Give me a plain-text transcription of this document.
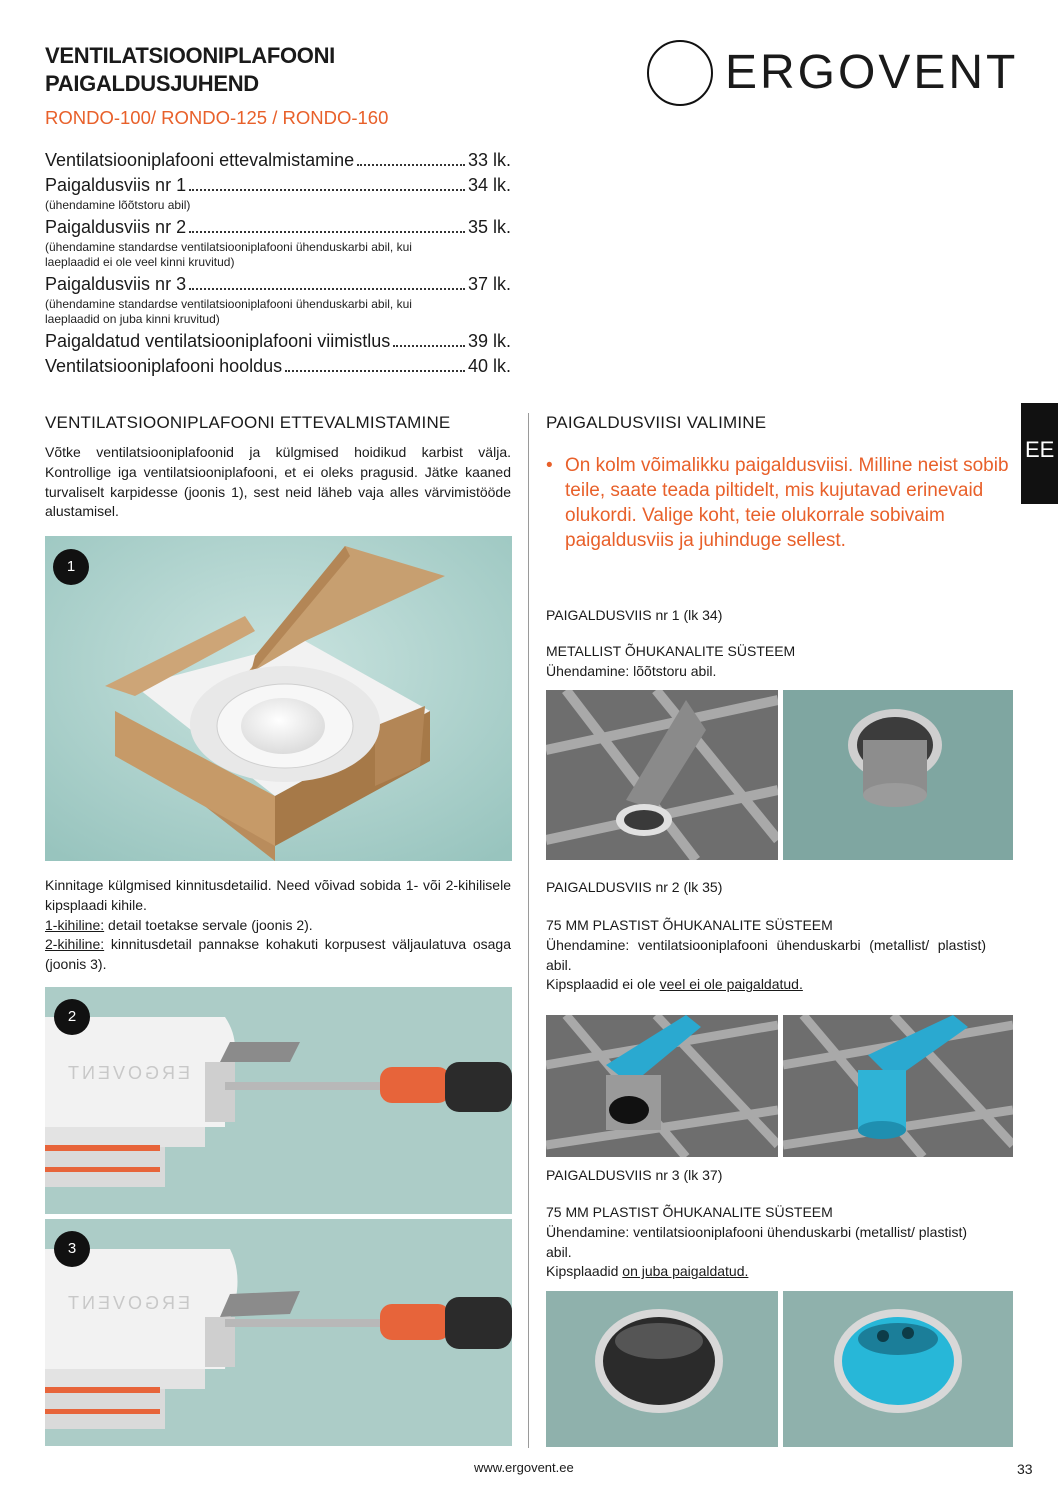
VENTILATSIOONIPLAFOONI
PAIGALDUSJUHEND
RONDO-100/ RONDO-125 / RONDO-160
ERGOVENT
Ventilatsiooniplafooni ettevalmistamine	33 lk.
Paigaldusviis nr 1	34 lk.
(ühendamine lõõtstoru abil)
Paigaldusviis nr 2	35 lk.
(ühendamine standardse ventilatsiooniplafooni ühenduskarbi abil, kui laeplaadid ei ole veel kinni kruvitud)
Paigaldusviis nr 3	37 lk.
(ühendamine standardse ventilatsiooniplafooni ühenduskarbi abil, kui laeplaadid on juba kinni kruvitud)
Paigaldatud ventilatsiooniplafooni viimistlus	39 lk.
Ventilatsiooniplafooni hooldus	40 lk.
EE
VENTILATSIOONIPLAFOONI ETTEVALMISTAMINE
Võtke ventilatsiooniplafoonid ja külgmised hoidikud karbist välja. Kontrollige iga ventilatsiooniplafooni, et ei oleks pragusid. Jätke kaaned turvaliselt karpidesse (joonis 1), sest neid läheb vaja alles värvimistööde alustamisel.
1
Kinnitage külgmised kinnitusdetailid. Need võivad sobida 1- või 2-kihilisele kipsplaadi kihile.
1-kihiline: detail toetakse servale (joonis 2).
2-kihiline: kinnitusdetail pannakse kohakuti korpusest väljaulatuva osaga (joonis 3).
2
ERGOVENT
3
ERGOVENT
PAIGALDUSVIISI VALIMINE
• On kolm võimalikku paigaldusviisi. Milline neist sobib teile, saate teada piltidelt, mis kujutavad erinevaid olukordi. Valige koht, teie olukorrale sobivaim paigaldusviis ja juhinduge sellest.
PAIGALDUSVIIS nr 1 (lk 34)
METALLIST ÕHUKANALITE SÜSTEEM
Ühendamine: lõõtstoru abil.
PAIGALDUSVIIS nr 2 (lk 35)
75 MM PLASTIST ÕHUKANALITE SÜSTEEM
Ühendamine: ventilatsiooniplafooni ühenduskarbi (metallist/ plastist) abil.
Kipsplaadid ei ole veel ei ole paigaldatud.
PAIGALDUSVIIS nr 3 (lk 37)
75 MM PLASTIST ÕHUKANALITE SÜSTEEM
Ühendamine: ventilatsiooniplafooni ühenduskarbi (metallist/ plastist) abil.
Kipsplaadid on juba paigaldatud.
www.ergovent.ee	33
